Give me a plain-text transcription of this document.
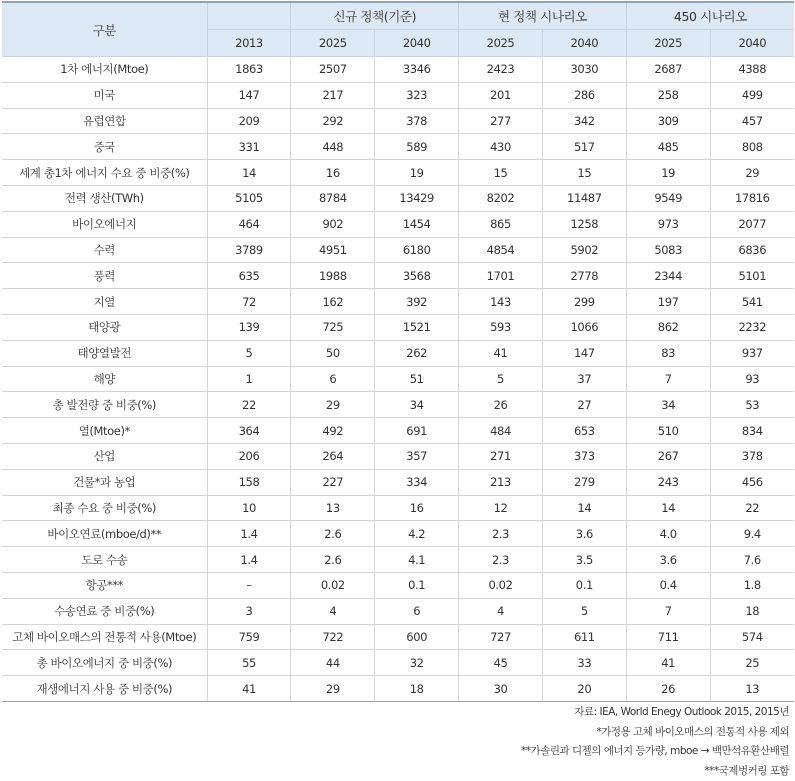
구분		신규 정책(기준)		현 정책 시나리오		450 시나리오	
	2013	2025	2040	2025	2040	2025	2040
1차 에너지(Mtoe)	1863	2507	3346	2423	3030	2687	4388
미국	147	217	323	201	286	258	499
유럽연합	209	292	378	277	342	309	457
중국	331	448	589	430	517	485	808
세계 총1차 에너지 수요 중 비중(%)	14	16	19	15	15	19	29
전력 생산(TWh)	5105	8784	13429	8202	11487	9549	17816
바이오에너지	464	902	1454	865	1258	973	2077
수력	3789	4951	6180	4854	5902	5083	6836
풍력	635	1988	3568	1701	2778	2344	5101
지열	72	162	392	143	299	197	541
태양광	139	725	1521	593	1066	862	2232
태양열발전	5	50	262	41	147	83	937
해양	1	6	51	5	37	7	93
총 발전량 중 비중(%)	22	29	34	26	27	34	53
열(Mtoe)*	364	492	691	484	653	510	834
산업	206	264	357	271	373	267	378
건물*과 농업	158	227	334	213	279	243	456
최종 수요 중 비중(%)	10	13	16	12	14	14	22
바이오연료(mboe/d)**	1.4	2.6	4.2	2.3	3.6	4.0	9.4
도로 수송	1.4	2.6	4.1	2.3	3.5	3.6	7.6
항공***	–	0.02	0.1	0.02	0.1	0.4	1.8
수송연료 중 비중(%)	3	4	6	4	5	7	18
고체 바이오매스의 전통적 사용(Mtoe)	759	722	600	727	611	711	574
총 바이오에너지 중 비중(%)	55	44	32	45	33	41	25
재생에너지 사용 중 비중(%)	41	29	18	30	20	26	13
자료: IEA, World Enegy Outlook 2015, 2015년
*가정용 고체 바이오매스의 전통적 사용 제외
**가솔린과 디젤의 에너지 등가량, mboe → 백만석유환산배럴
***국제벙커링 포함
